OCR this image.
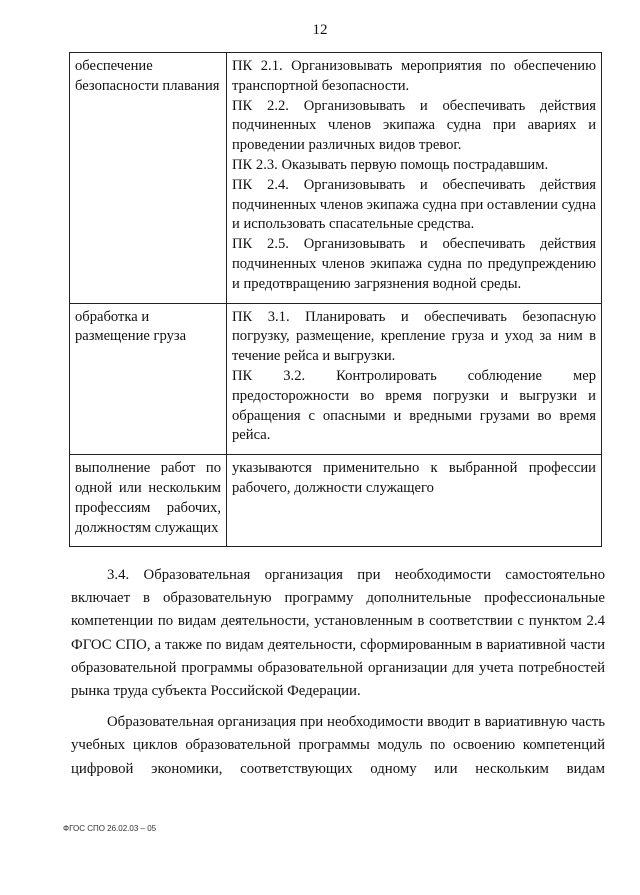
12
обеспечение безопасности плавания	ПК 2.1. Организовывать мероприятия по обеспечению транспортной безопасности.
ПК 2.2. Организовывать и обеспечивать действия подчиненных членов экипажа судна при авариях и проведении различных видов тревог.
ПК 2.3. Оказывать первую помощь пострадавшим.
ПК 2.4. Организовывать и обеспечивать действия подчиненных членов экипажа судна при оставлении судна и использовать спасательные средства.
ПК 2.5. Организовывать и обеспечивать действия подчиненных членов экипажа судна по предупреждению и предотвращению загрязнения водной среды.

обработка и размещение груза	ПК 3.1. Планировать и обеспечивать безопасную погрузку, размещение, крепление груза и уход за ним в течение рейса и выгрузки.
ПК 3.2. Контролировать соблюдение мер предосторожности во время погрузки и выгрузки и обращения с опасными и вредными грузами во время рейса.

выполнение работ по одной или нескольким профессиям рабочих, должностям служащих	указываются применительно к выбранной профессии рабочего, должности служащего

3.4. Образовательная организация при необходимости самостоятельно включает в образовательную программу дополнительные профессиональные компетенции по видам деятельности, установленным в соответствии с пунктом 2.4 ФГОС СПО, а также по видам деятельности, сформированным в вариативной части образовательной программы образовательной организации для учета потребностей рынка труда субъекта Российской Федерации.

Образовательная организация при необходимости вводит в вариативную часть учебных циклов образовательной программы модуль по освоению компетенций цифровой экономики, соответствующих одному или нескольким видам

ФГОС СПО 26.02.03 – 05
